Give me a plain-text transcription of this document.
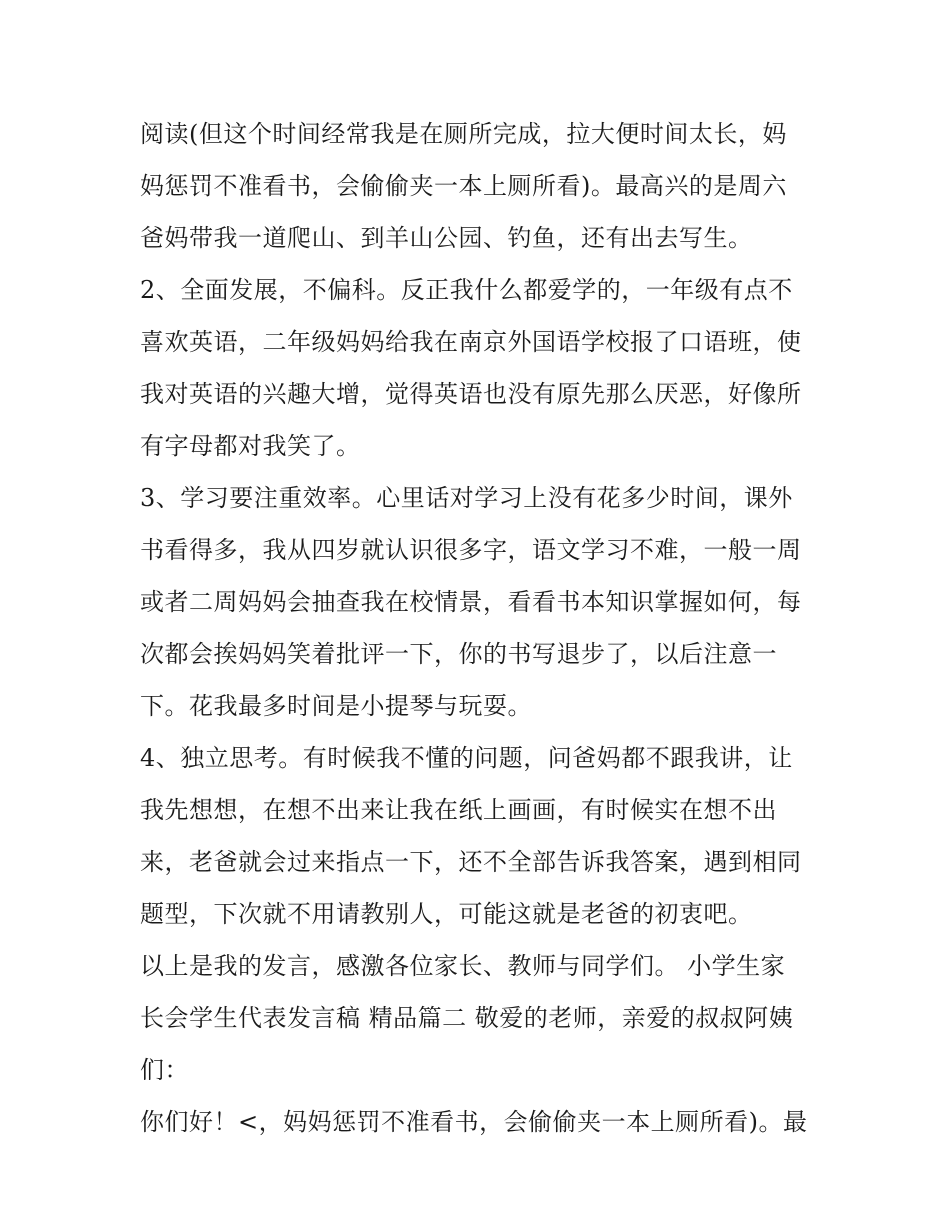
阅读(但这个时间经常我是在厕所完成，拉大便时间太长，妈
妈惩罚不准看书，会偷偷夹一本上厕所看)。最高兴的是周六
爸妈带我一道爬山、到羊山公园、钓鱼，还有出去写生。
2、全面发展，不偏科。反正我什么都爱学的，一年级有点不
喜欢英语，二年级妈妈给我在南京外国语学校报了口语班，使
我对英语的兴趣大增，觉得英语也没有原先那么厌恶，好像所
有字母都对我笑了。
3、学习要注重效率。心里话对学习上没有花多少时间，课外
书看得多，我从四岁就认识很多字，语文学习不难，一般一周
或者二周妈妈会抽查我在校情景，看看书本知识掌握如何，每
次都会挨妈妈笑着批评一下，你的书写退步了，以后注意一
下。花我最多时间是小提琴与玩耍。
4、独立思考。有时候我不懂的问题，问爸妈都不跟我讲，让
我先想想，在想不出来让我在纸上画画，有时候实在想不出
来，老爸就会过来指点一下，还不全部告诉我答案，遇到相同
题型，下次就不用请教别人，可能这就是老爸的初衷吧。
以上是我的发言，感激各位家长、教师与同学们。 小学生家
长会学生代表发言稿 精品篇二 敬爱的老师，亲爱的叔叔阿姨
们：
你们好！<，妈妈惩罚不准看书，会偷偷夹一本上厕所看)。最
